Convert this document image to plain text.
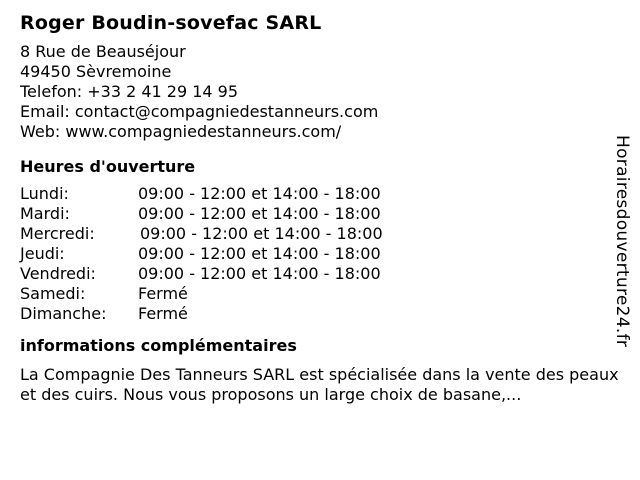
Roger Boudin-sovefac SARL
8 Rue de Beauséjour
49450 Sèvremoine
Telefon: +33 2 41 29 14 95
Email: contact@compagniedestanneurs.com
Web: www.compagniedestanneurs.com/
Heures d'ouverture
Lundi:	09:00 - 12:00 et 14:00 - 18:00
Mardi:	09:00 - 12:00 et 14:00 - 18:00
Mercredi:	09:00 - 12:00 et 14:00 - 18:00
Jeudi:	09:00 - 12:00 et 14:00 - 18:00
Vendredi:	09:00 - 12:00 et 14:00 - 18:00
Samedi:	Fermé
Dimanche:	Fermé
informations complémentaires
La Compagnie Des Tanneurs SARL est spécialisée dans la vente des peaux et des cuirs. Nous vous proposons un large choix de basane,...
Horairesdouverture24.fr
